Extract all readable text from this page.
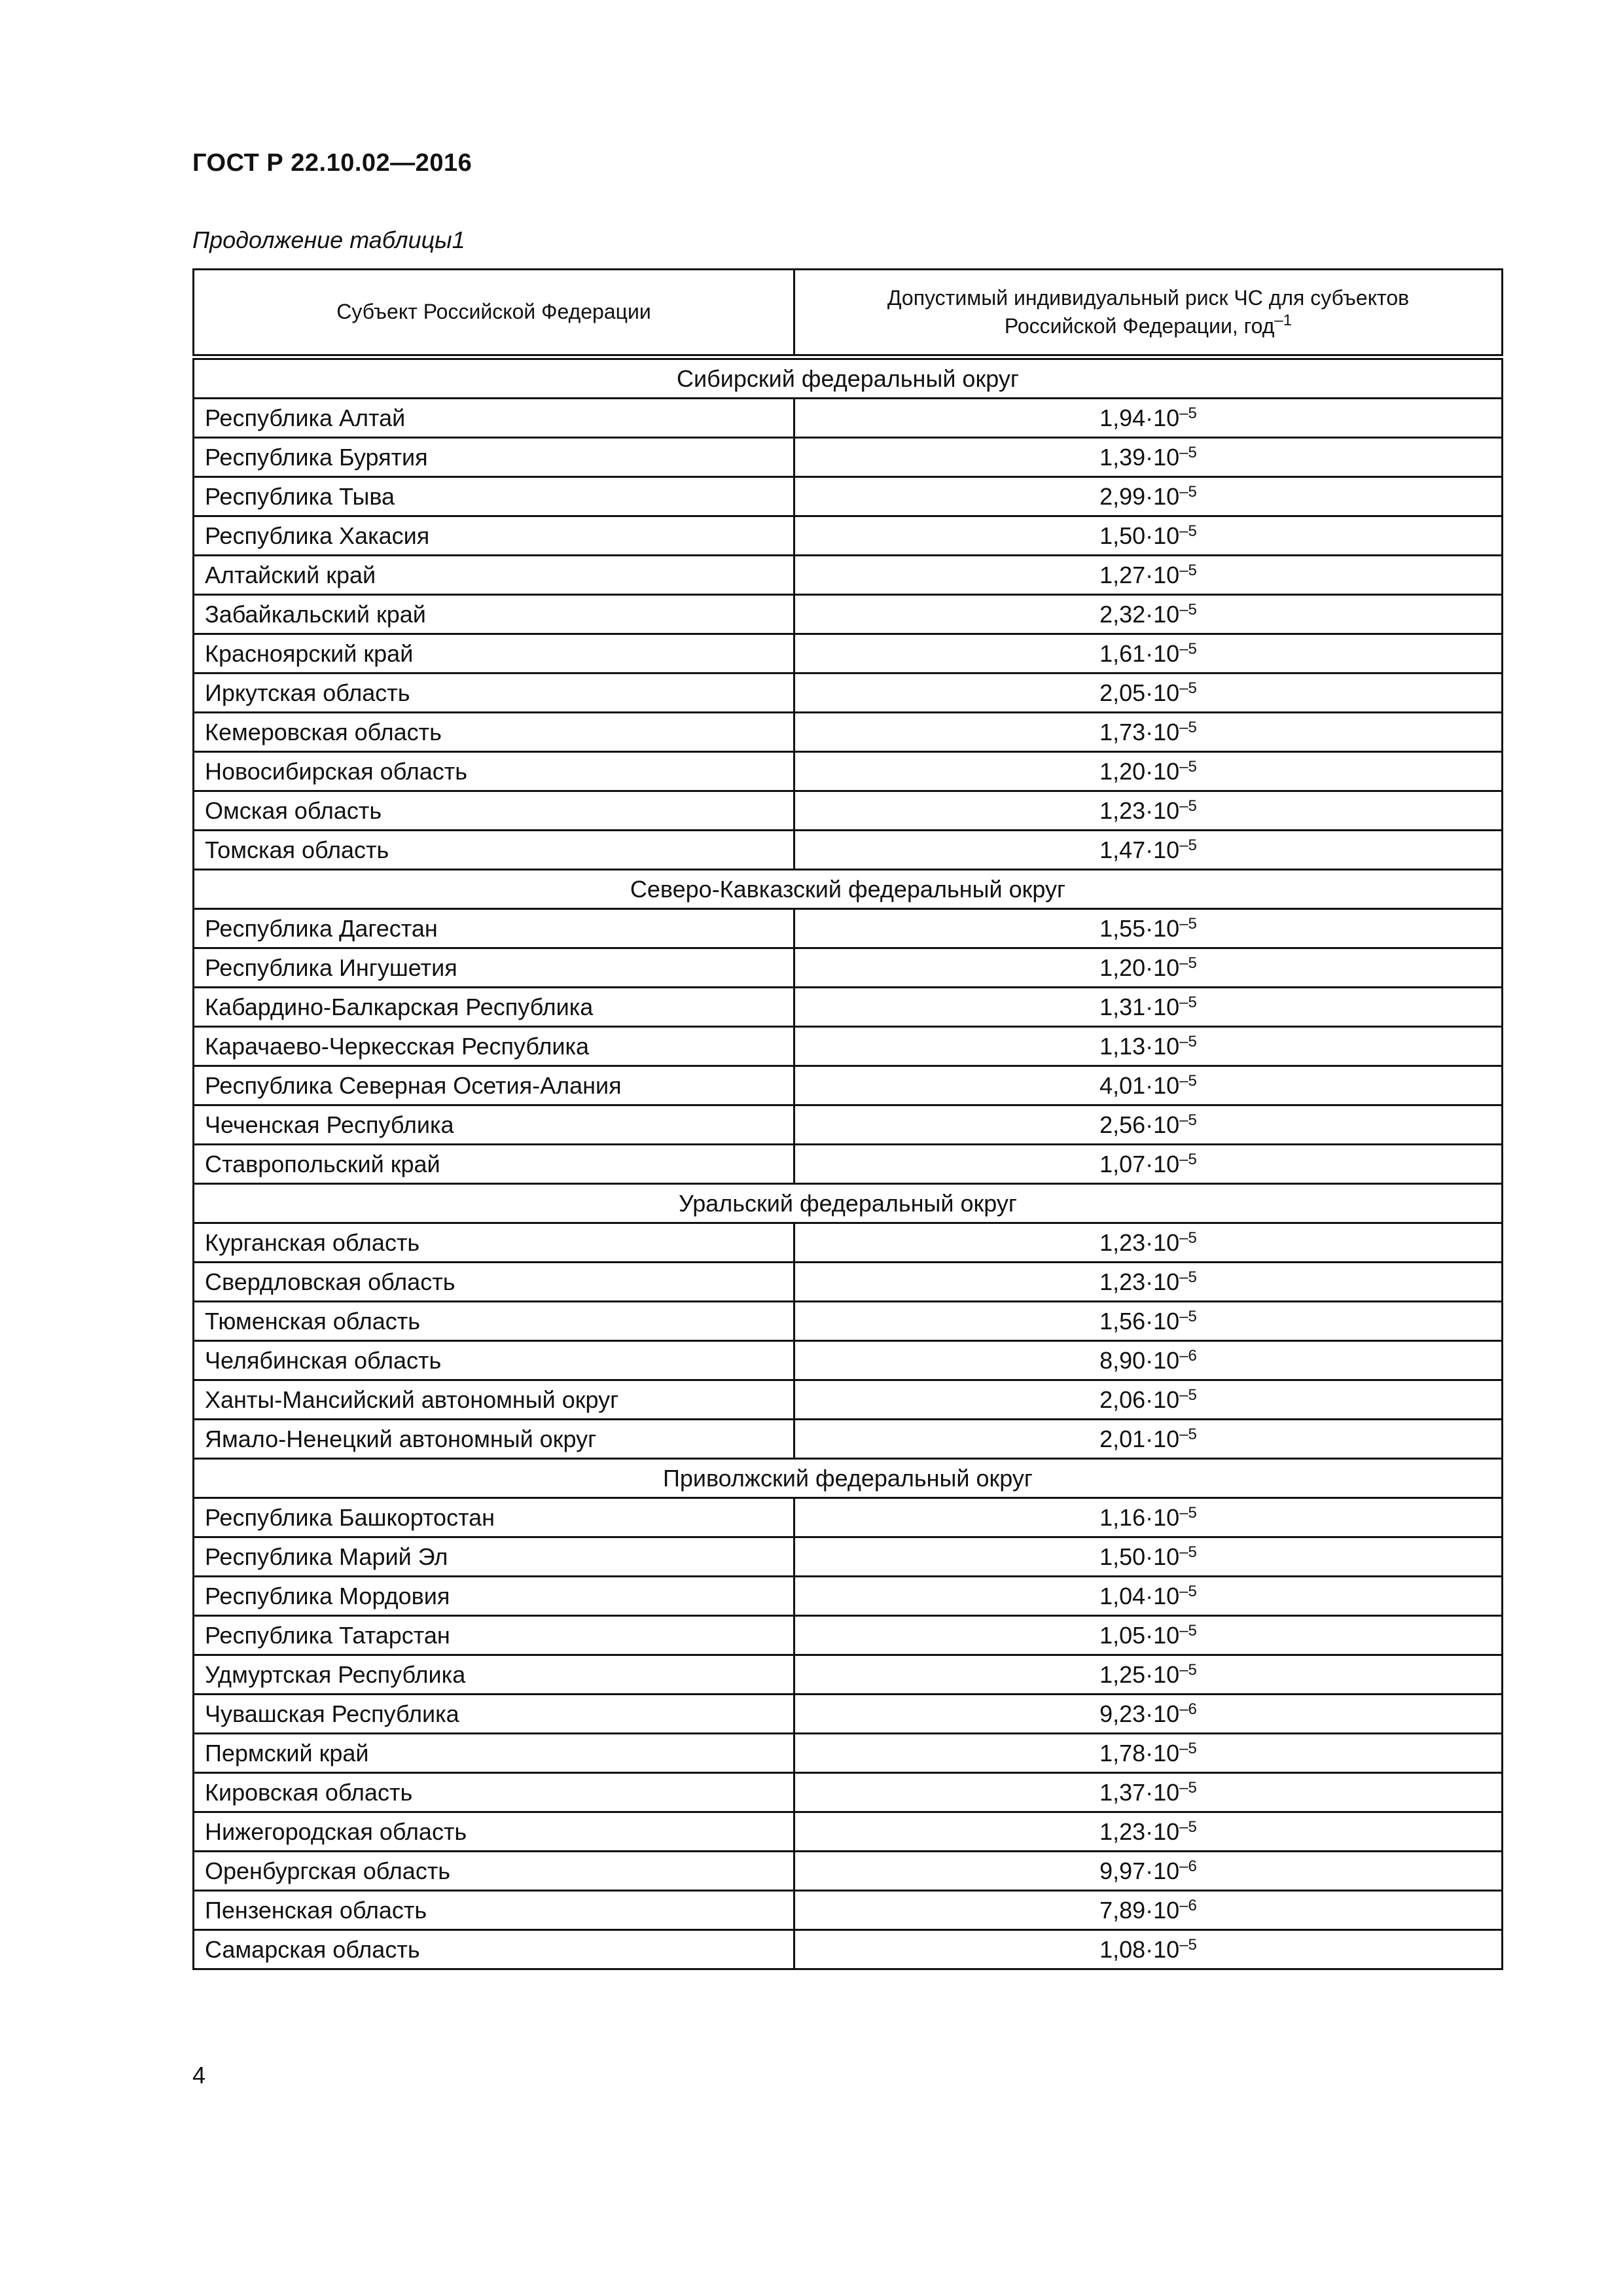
ГОСТ Р 22.10.02—2016
Продолжение таблицы1
Субъект Российской Федерации	Допустимый индивидуальный риск ЧС для субъектов
Российской Федерации, год$^{-1}$
Сибирский федеральный округ	
Республика Алтай	$1,94\cdot 10^{-5}$
Республика Бурятия	$1,39\cdot 10^{-5}$
Республика Тыва	$2,99\cdot 10^{-5}$
Республика Хакасия	$1,50\cdot 10^{-5}$
Алтайский край	$1,27\cdot 10^{-5}$
Забайкальский край	$2,32\cdot 10^{-5}$
Красноярский край	$1,61\cdot 10^{-5}$
Иркутская область	$2,05\cdot 10^{-5}$
Кемеровская область	$1,73\cdot 10^{-5}$
Новосибирская область	$1,20\cdot 10^{-5}$
Омская область	$1,23\cdot 10^{-5}$
Томская область	$1,47\cdot 10^{-5}$
Северо-Кавказский федеральный округ	
Республика Дагестан	$1,55\cdot 10^{-5}$
Республика Ингушетия	$1,20\cdot 10^{-5}$
Кабардино-Балкарская Республика	$1,31\cdot 10^{-5}$
Карачаево-Черкесская Республика	$1,13\cdot 10^{-5}$
Республика Северная Осетия-Алания	$4,01\cdot 10^{-5}$
Чеченская Республика	$2,56\cdot 10^{-5}$
Ставропольский край	$1,07\cdot 10^{-5}$
Уральский федеральный округ	
Курганская область	$1,23\cdot 10^{-5}$
Свердловская область	$1,23\cdot 10^{-5}$
Тюменская область	$1,56\cdot 10^{-5}$
Челябинская область	$8,90\cdot 10^{-6}$
Ханты-Мансийский автономный округ	$2,06\cdot 10^{-5}$
Ямало-Ненецкий автономный округ	$2,01\cdot 10^{-5}$
Приволжский федеральный округ	
Республика Башкортостан	$1,16\cdot 10^{-5}$
Республика Марий Эл	$1,50\cdot 10^{-5}$
Республика Мордовия	$1,04\cdot 10^{-5}$
Республика Татарстан	$1,05\cdot 10^{-5}$
Удмуртская Республика	$1,25\cdot 10^{-5}$
Чувашская Республика	$9,23\cdot 10^{-6}$
Пермский край	$1,78\cdot 10^{-5}$
Кировская область	$1,37\cdot 10^{-5}$
Нижегородская область	$1,23\cdot 10^{-5}$
Оренбургская область	$9,97\cdot 10^{-6}$
Пензенская область	$7,89\cdot 10^{-6}$
Самарская область	$1,08\cdot 10^{-5}$
4
